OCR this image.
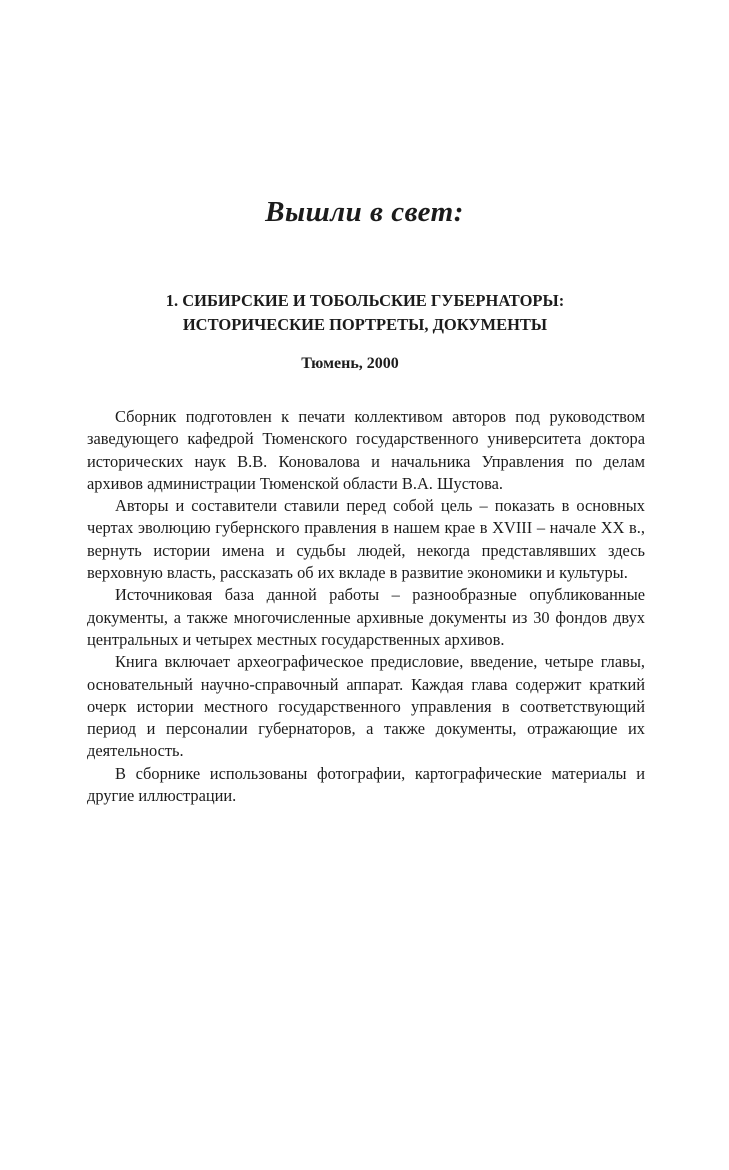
Вышли в свет:
1. СИБИРСКИЕ И ТОБОЛЬСКИЕ ГУБЕРНАТОРЫ:
ИСТОРИЧЕСКИЕ ПОРТРЕТЫ, ДОКУМЕНТЫ
Тюмень, 2000

Сборник подготовлен к печати коллективом авторов под руководством заведующего кафедрой Тюменского государственного университета доктора исторических наук В.В. Коновалова и начальника Управления по делам архивов администрации Тюменской области В.А. Шустова.

Авторы и составители ставили перед собой цель – показать в основных чертах эволюцию губернского правления в нашем крае в XVIII – начале XX в., вернуть истории имена и судьбы людей, некогда представлявших здесь верховную власть, рассказать об их вкладе в развитие экономики и культуры.

Источниковая база данной работы – разнообразные опубликованные документы, а также многочисленные архивные документы из 30 фондов двух центральных и четырех местных государственных архивов.

Книга включает археографическое предисловие, введение, четыре главы, основательный научно-справочный аппарат. Каждая глава содержит краткий очерк истории местного государственного управления в соответствующий период и персоналии губернаторов, а также документы, отражающие их деятельность.

В сборнике использованы фотографии, картографические материалы и другие иллюстрации.
